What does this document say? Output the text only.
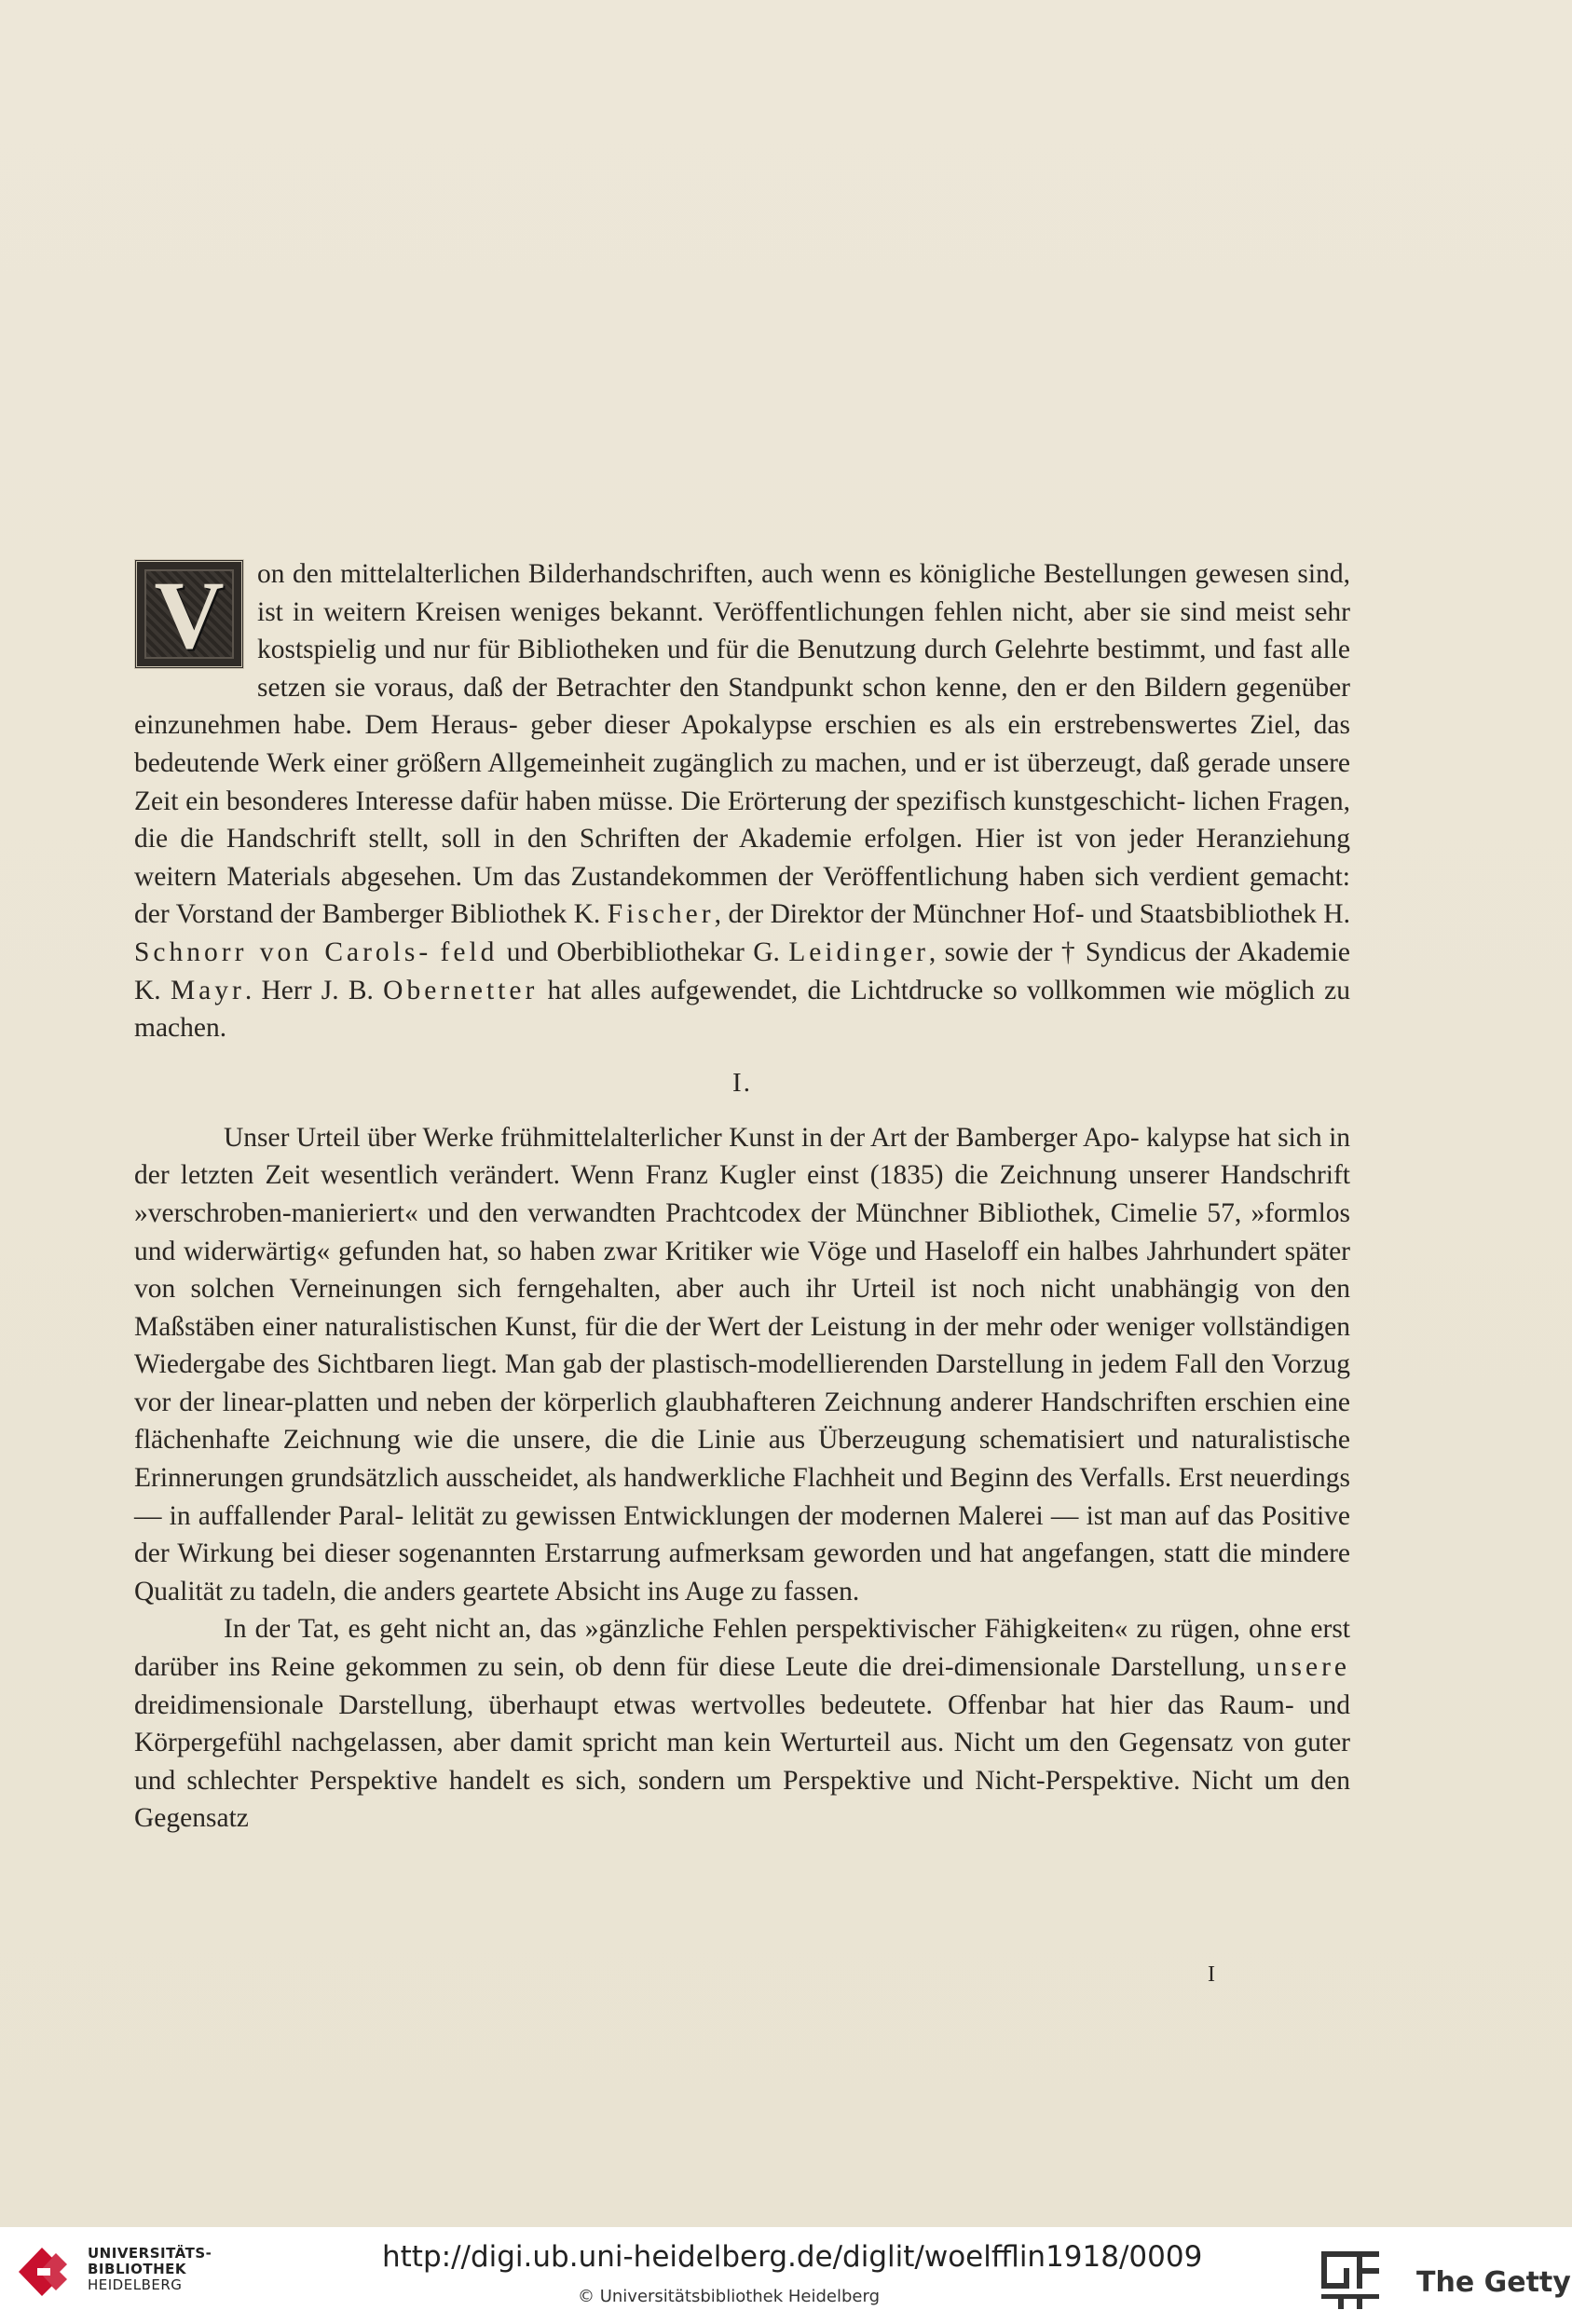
V	on den mittelalterlichen Bilderhandschriften, auch wenn es königliche Bestellungen gewesen sind, ist in weitern Kreisen weniges bekannt. Veröffentlichungen fehlen nicht, aber sie sind meist sehr kostspielig und nur für Bibliotheken und für die Benutzung durch Gelehrte bestimmt, und fast alle setzen sie voraus, daß der Betrachter den Standpunkt schon kenne, den er den Bildern gegenüber einzunehmen habe. Dem Heraus- geber dieser Apokalypse erschien es als ein erstrebenswertes Ziel, das bedeutende Werk einer größern Allgemeinheit zugänglich zu machen, und er ist überzeugt, daß gerade unsere Zeit ein besonderes Interesse dafür haben müsse. Die Erörterung der spezifisch kunstgeschicht- lichen Fragen, die die Handschrift stellt, soll in den Schriften der Akademie erfolgen. Hier ist von jeder Heranziehung weitern Materials abgesehen. Um das Zustandekommen der Veröffentlichung haben sich verdient gemacht: der Vorstand der Bamberger Bibliothek K. Fischer, der Direktor der Münchner Hof- und Staatsbibliothek H. Schnorr von Carols- feld und Oberbibliothekar G. Leidinger, sowie der † Syndicus der Akademie K. Mayr. Herr J. B. Obernetter hat alles aufgewendet, die Lichtdrucke so vollkommen wie möglich zu machen.

I.

Unser Urteil über Werke frühmittelalterlicher Kunst in der Art der Bamberger Apo- kalypse hat sich in der letzten Zeit wesentlich verändert. Wenn Franz Kugler einst (1835) die Zeichnung unserer Handschrift »verschroben-manieriert« und den verwandten Prachtcodex der Münchner Bibliothek, Cimelie 57, »formlos und widerwärtig« gefunden hat, so haben zwar Kritiker wie Vöge und Haseloff ein halbes Jahrhundert später von solchen Verneinungen sich ferngehalten, aber auch ihr Urteil ist noch nicht unabhängig von den Maßstäben einer naturalistischen Kunst, für die der Wert der Leistung in der mehr oder weniger vollständigen Wiedergabe des Sichtbaren liegt. Man gab der plastisch-modellierenden Darstellung in jedem Fall den Vorzug vor der linear-platten und neben der körperlich glaubhafteren Zeichnung anderer Handschriften erschien eine flächenhafte Zeichnung wie die unsere, die die Linie aus Überzeugung schematisiert und naturalistische Erinnerungen grundsätzlich ausscheidet, als handwerkliche Flachheit und Beginn des Verfalls. Erst neuerdings — in auffallender Paral- lelität zu gewissen Entwicklungen der modernen Malerei — ist man auf das Positive der Wirkung bei dieser sogenannten Erstarrung aufmerksam geworden und hat angefangen, statt die mindere Qualität zu tadeln, die anders geartete Absicht ins Auge zu fassen.

In der Tat, es geht nicht an, das »gänzliche Fehlen perspektivischer Fähigkeiten« zu rügen, ohne erst darüber ins Reine gekommen zu sein, ob denn für diese Leute die drei-dimensionale Darstellung, unsere dreidimensionale Darstellung, überhaupt etwas wertvolles bedeutete. Offenbar hat hier das Raum- und Körpergefühl nachgelassen, aber damit spricht man kein Werturteil aus. Nicht um den Gegensatz von guter und schlechter Perspektive handelt es sich, sondern um Perspektive und Nicht-Perspektive. Nicht um den Gegensatz

I
UNIVERSITÄTS-
BIBLIOTHEK
HEIDELBERG
http://digi.ub.uni-heidelberg.de/diglit/woelfflin1918/0009
© Universitätsbibliothek Heidelberg	The Getty
